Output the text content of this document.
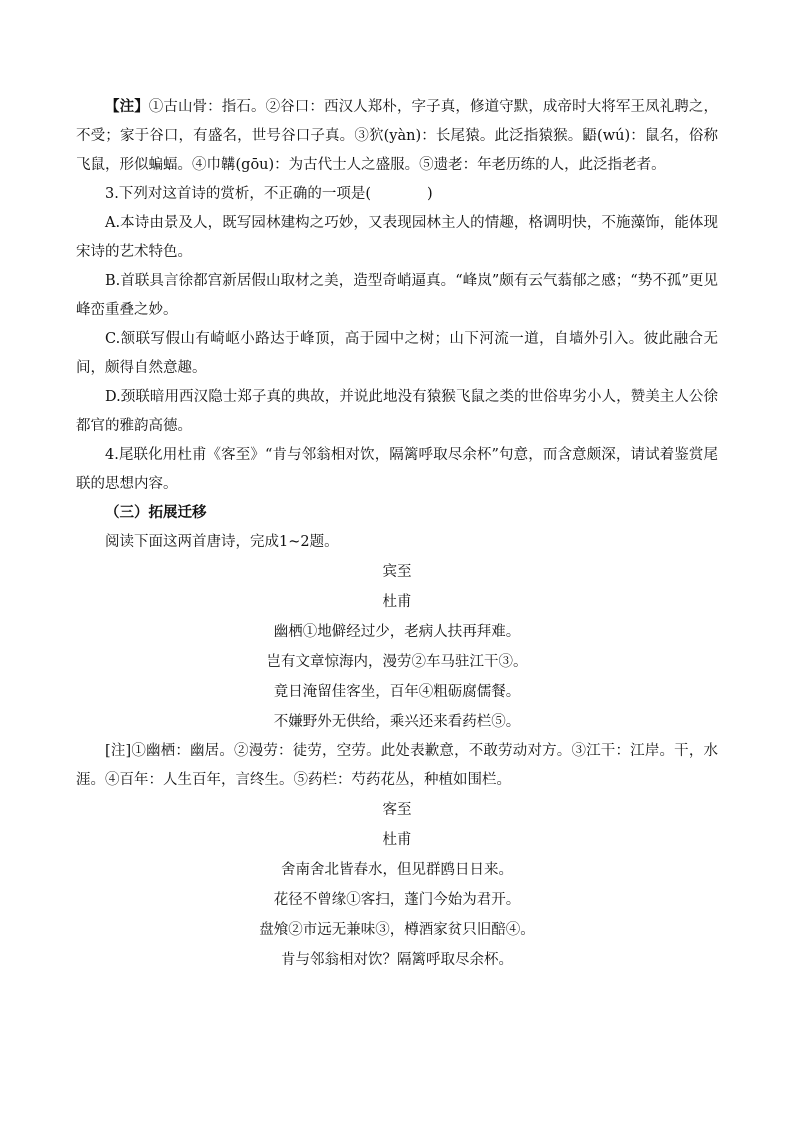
【注】①古山骨：指石。②谷口：西汉人郑朴，字子真，修道守默，成帝时大将军王凤礼聘之，不受；家于谷口，有盛名，世号谷口子真。③狖(yàn)：长尾猿。此泛指猿猴。鼯(wú)：鼠名，俗称飞鼠，形似蝙蝠。④巾韝(gōu)：为古代士人之盛服。⑤遗老：年老历练的人，此泛指老者。

3.下列对这首诗的赏析，不正确的一项是(	)

A.本诗由景及人，既写园林建构之巧妙，又表现园林主人的情趣，格调明快，不施藻饰，能体现宋诗的艺术特色。

B.首联具言徐都宫新居假山取材之美，造型奇峭逼真。“峰岚”颇有云气蓊郁之感；“势不孤”更见峰峦重叠之妙。

C.颔联写假山有崎岖小路达于峰顶，高于园中之树；山下河流一道，自墙外引入。彼此融合无间，颇得自然意趣。

D.颈联暗用西汉隐士郑子真的典故，并说此地没有猿猴飞鼠之类的世俗卑劣小人，赞美主人公徐都官的雅韵高德。

4.尾联化用杜甫《客至》“肯与邻翁相对饮，隔篱呼取尽余杯”句意，而含意颇深，请试着鉴赏尾联的思想内容。

（三）拓展迁移

阅读下面这两首唐诗，完成1~2题。

宾至

杜甫

幽栖①地僻经过少，老病人扶再拜难。

岂有文章惊海内，漫劳②车马驻江干③。

竟日淹留佳客坐，百年④粗砺腐儒餐。

不嫌野外无供给，乘兴还来看药栏⑤。

[注]①幽栖：幽居。②漫劳：徒劳，空劳。此处表歉意，不敢劳动对方。③江干：江岸。干，水涯。④百年：人生百年，言终生。⑤药栏：芍药花丛，种植如围栏。

客至

杜甫

舍南舍北皆春水，但见群鸥日日来。

花径不曾缘①客扫，蓬门今始为君开。

盘飧②市远无兼味③，樽酒家贫只旧醅④。

肯与邻翁相对饮？隔篱呼取尽余杯。
